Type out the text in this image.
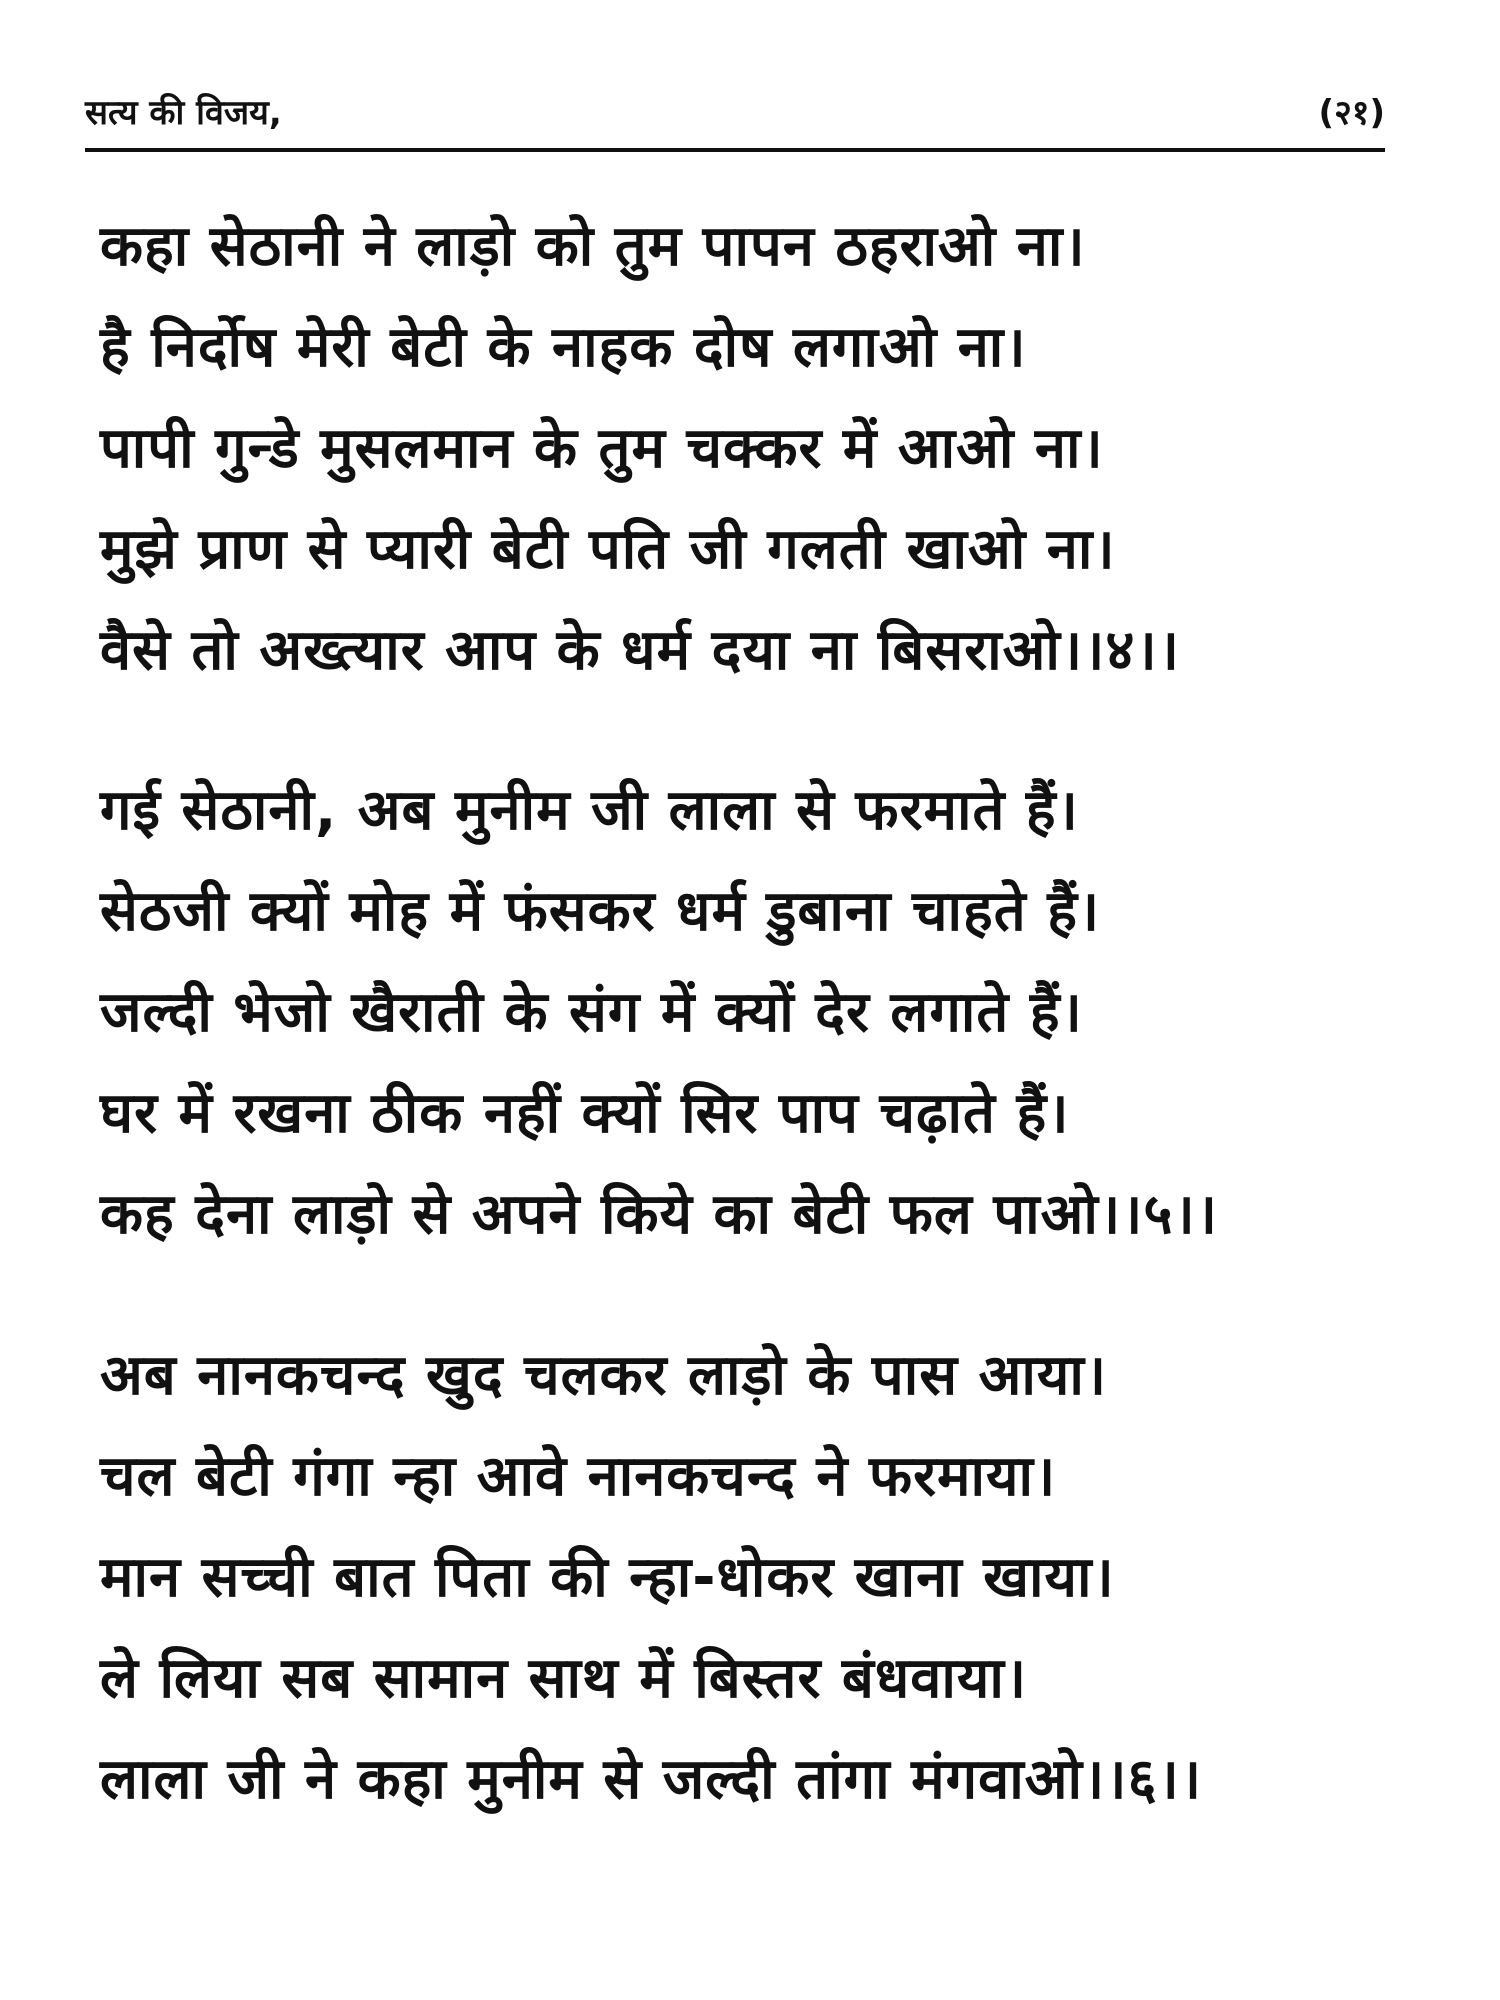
सत्य की विजय,	(२१)
कहा सेठानी ने लाड़ो को तुम पापन ठहराओ ना।
है निर्दोष मेरी बेटी के नाहक दोष लगाओ ना।
पापी गुन्डे मुसलमान के तुम चक्कर में आओ ना।
मुझे प्राण से प्यारी बेटी पति जी गलती खाओ ना।
वैसे तो अख्त्यार आप के धर्म दया ना बिसराओ।।४।।
गई सेठानी, अब मुनीम जी लाला से फरमाते हैं।
सेठजी क्यों मोह में फंसकर धर्म डुबाना चाहते हैं।
जल्दी भेजो खैराती के संग में क्यों देर लगाते हैं।
घर में रखना ठीक नहीं क्यों सिर पाप चढ़ाते हैं।
कह देना लाड़ो से अपने किये का बेटी फल पाओ।।५।।
अब नानकचन्द खुद चलकर लाड़ो के पास आया।
चल बेटी गंगा न्हा आवे नानकचन्द ने फरमाया।
मान सच्ची बात पिता की न्हा-धोकर खाना खाया।
ले लिया सब सामान साथ में बिस्तर बंधवाया।
लाला जी ने कहा मुनीम से जल्दी तांगा मंगवाओ।।६।।
